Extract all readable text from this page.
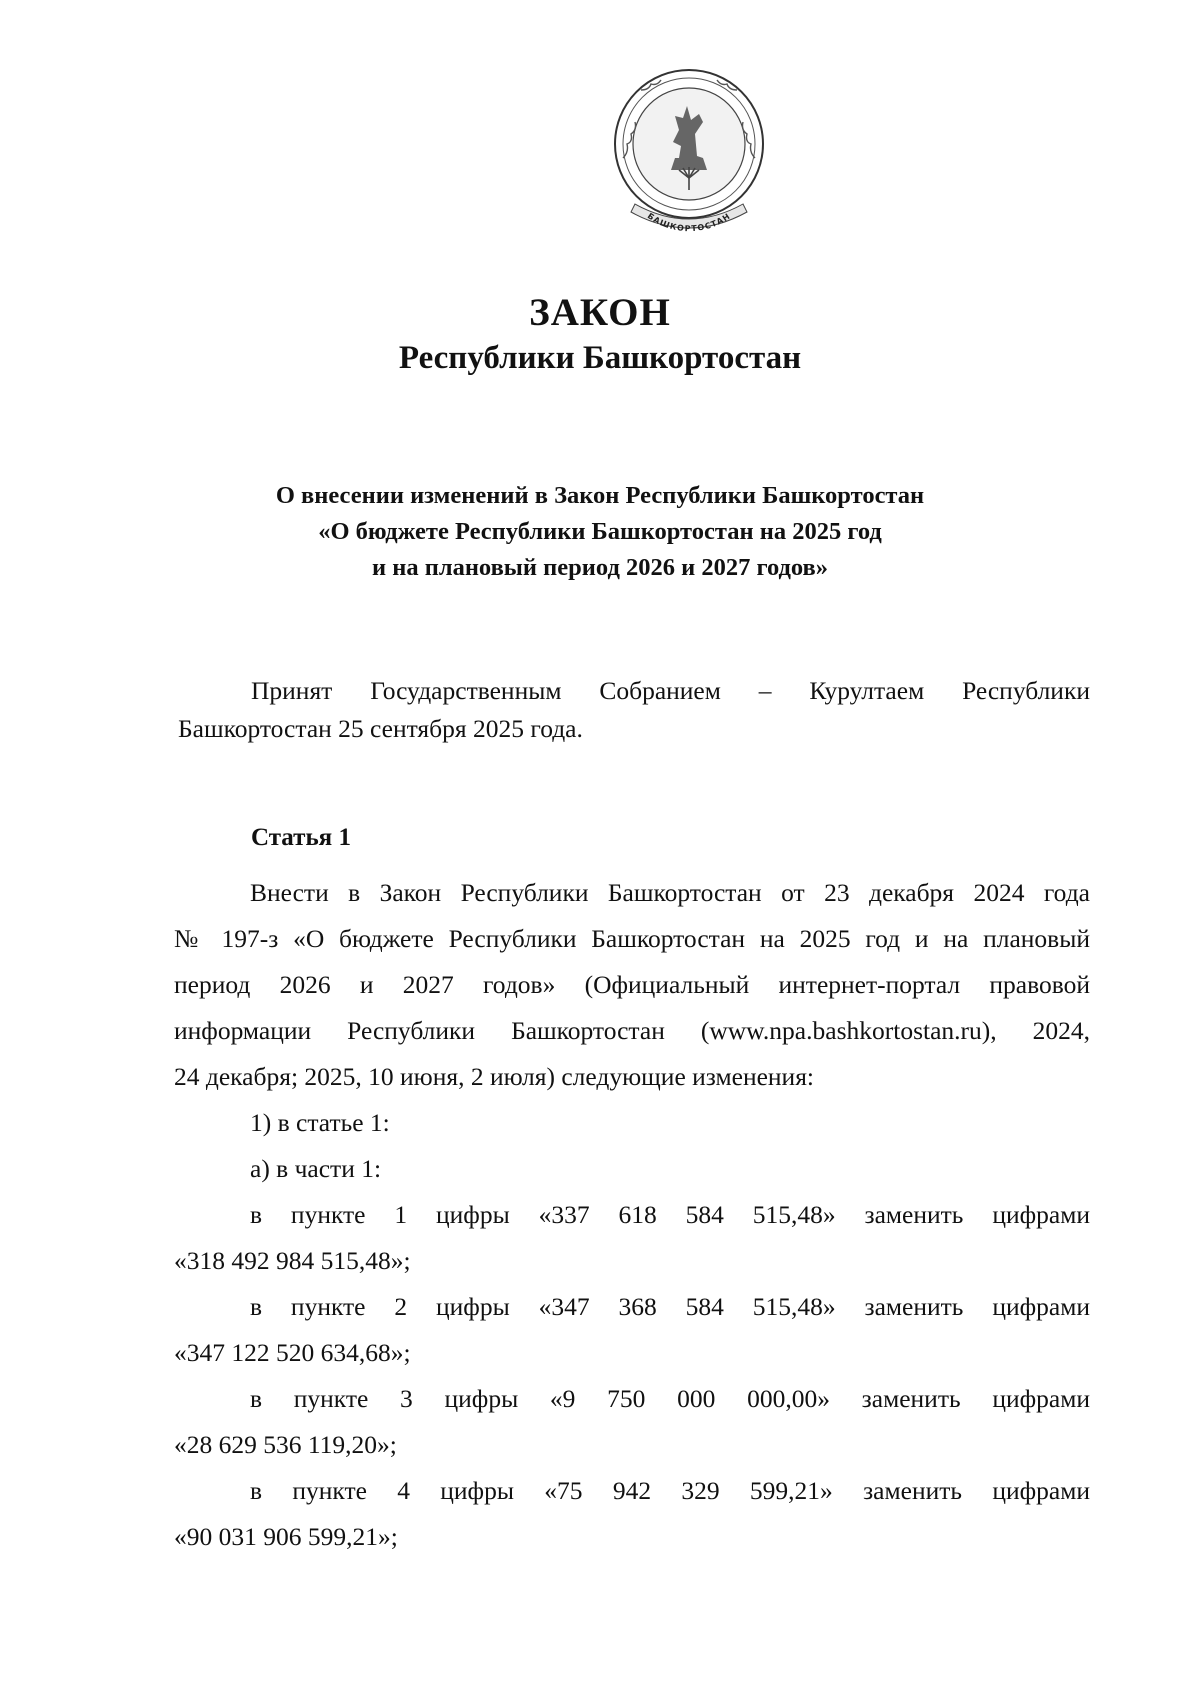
БАШКОРТОСТАН
ЗАКОН
Республики Башкортостан
О внесении изменений в Закон Республики Башкортостан
«О бюджете Республики Башкортостан на 2025 год
и на плановый период 2026 и 2027 годов»
Принят Государственным Собранием – Курултаем Республики
Башкортостан 25 сентября 2025 года.
Статья 1
Внести в Закон Республики Башкортостан от 23 декабря 2024 года
№ 197-з «О бюджете Республики Башкортостан на 2025 год и на плановый
период 2026 и 2027 годов» (Официальный интернет-портал правовой
информации Республики Башкортостан (www.npa.bashkortostan.ru), 2024,
24 декабря; 2025, 10 июня, 2 июля) следующие изменения:
1) в статье 1:
а) в части 1:
в пункте 1 цифры «337 618 584 515,48» заменить цифрами
«318 492 984 515,48»;
в пункте 2 цифры «347 368 584 515,48» заменить цифрами
«347 122 520 634,68»;
в пункте 3 цифры «9 750 000 000,00» заменить цифрами
«28 629 536 119,20»;
в пункте 4 цифры «75 942 329 599,21» заменить цифрами
«90 031 906 599,21»;
